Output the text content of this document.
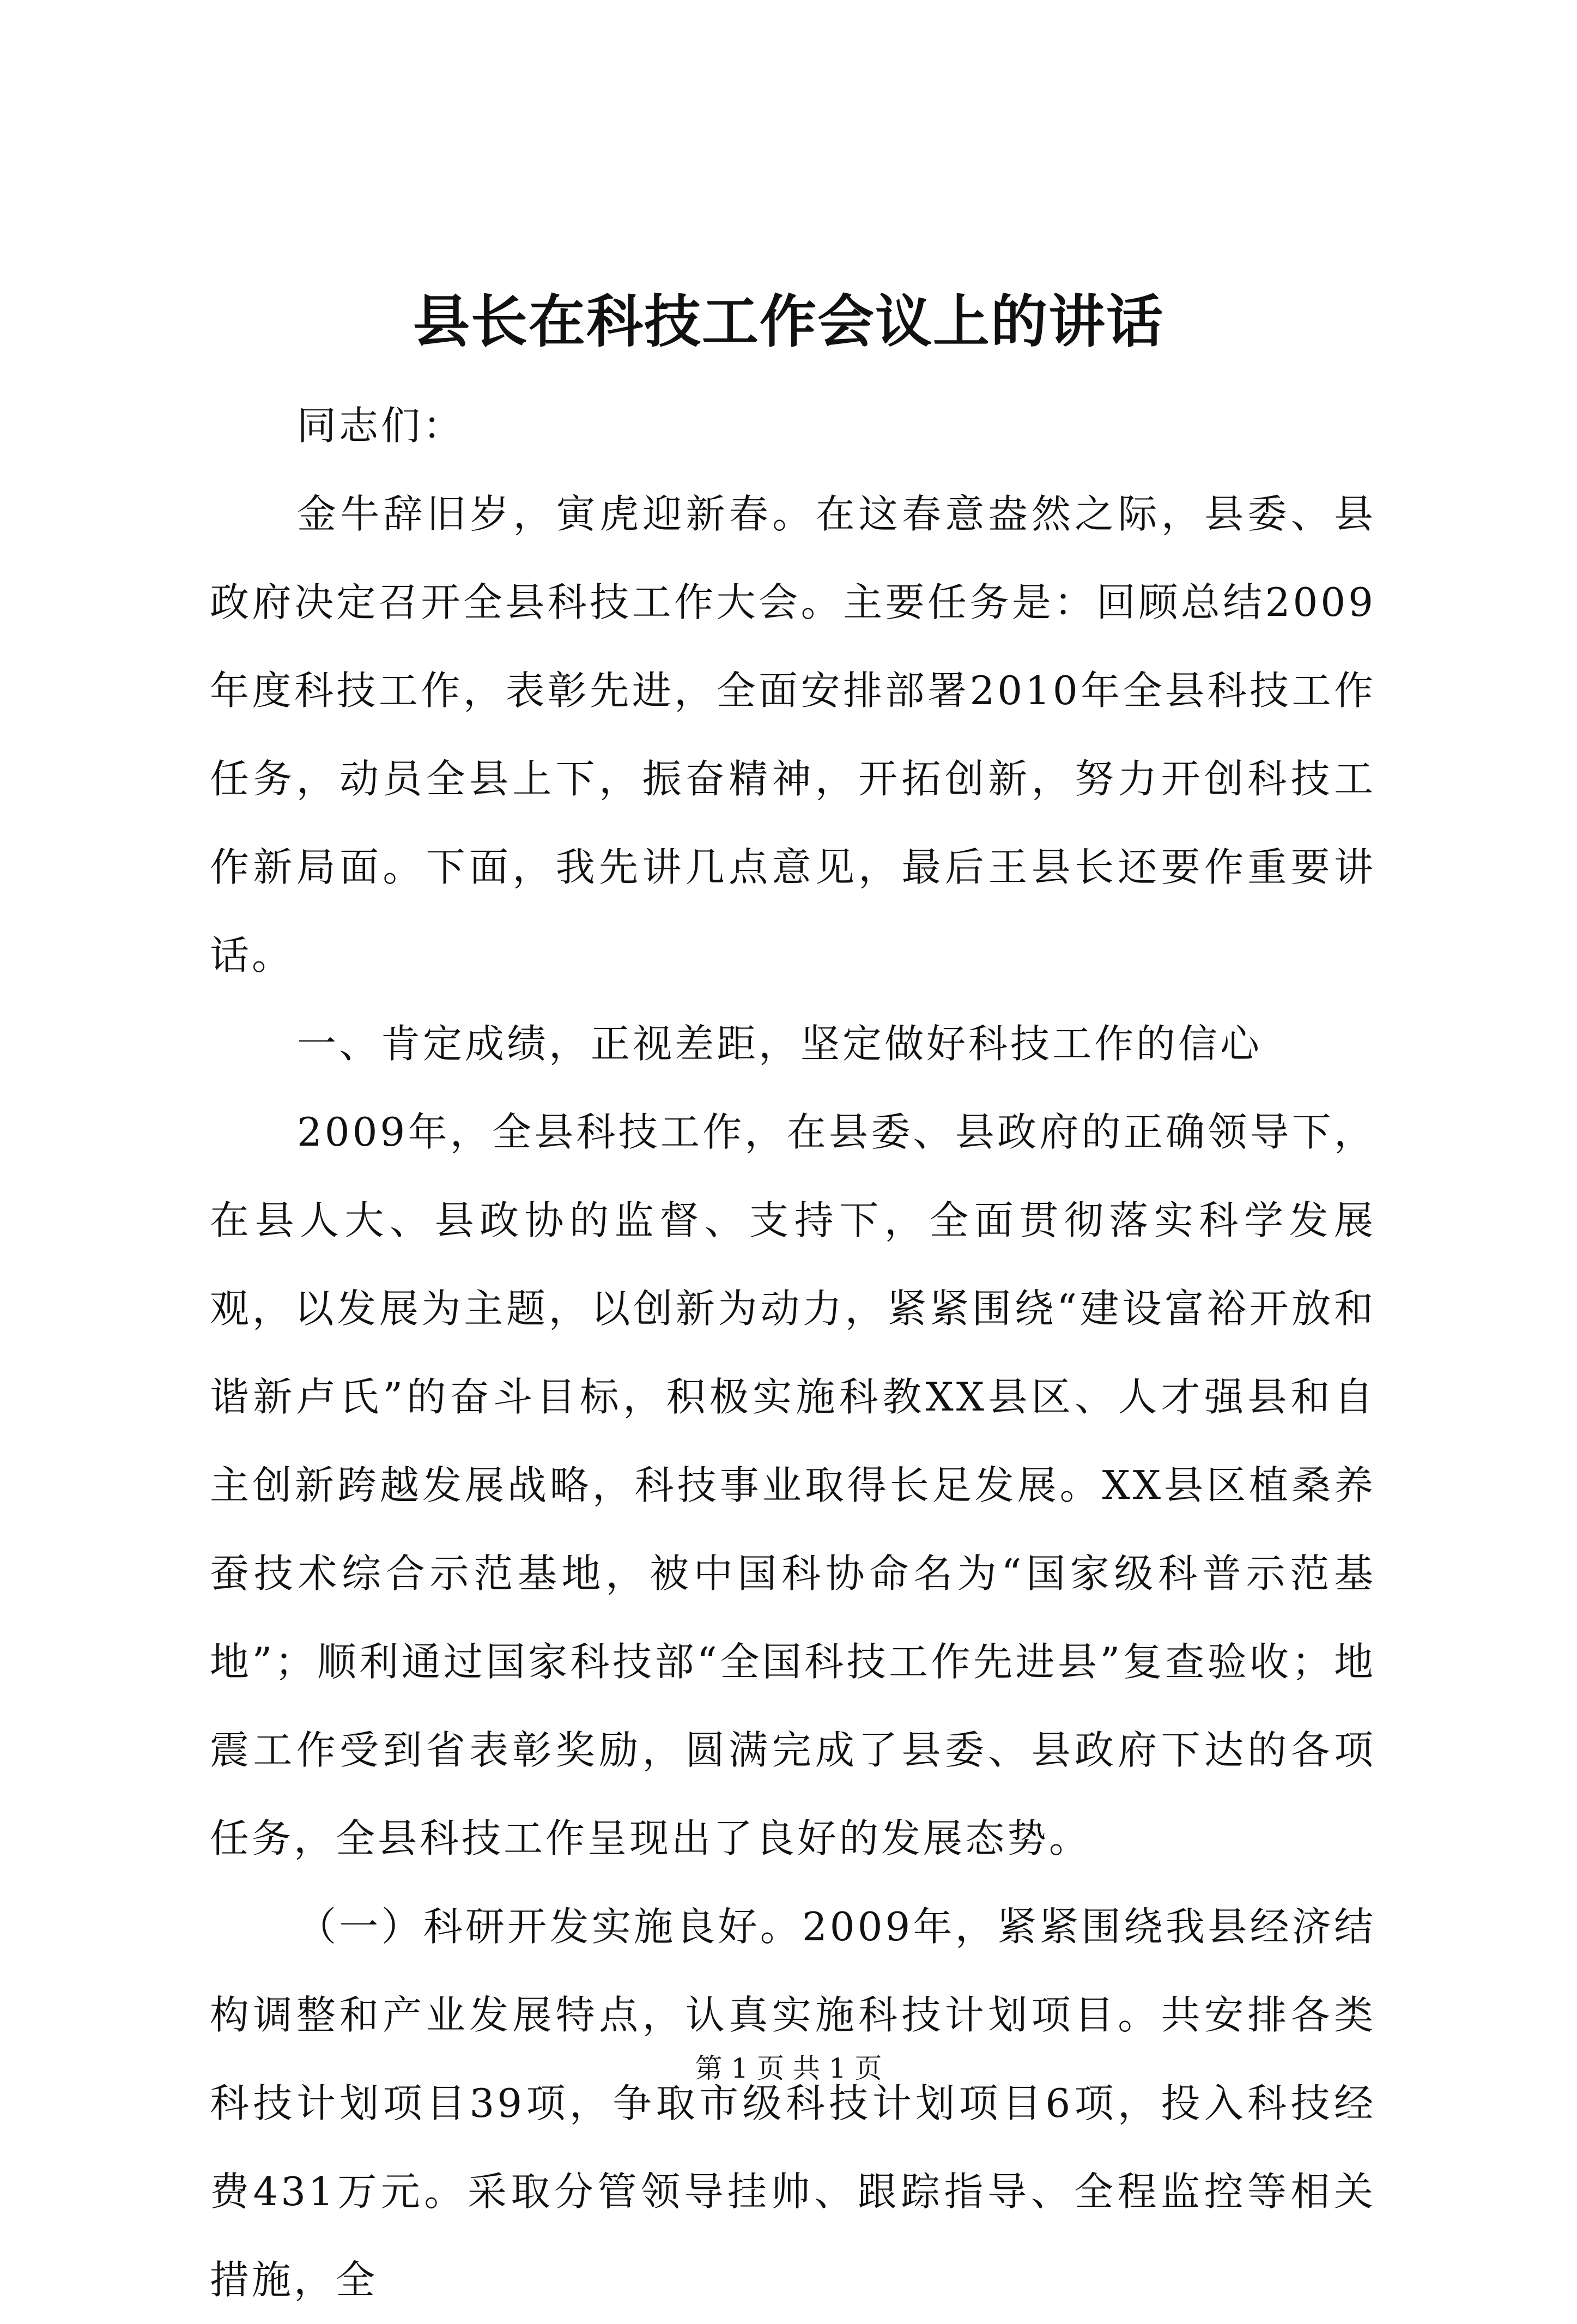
县长在科技工作会议上的讲话

同志们：

金牛辞旧岁，寅虎迎新春。在这春意盎然之际，县委、县政府决定召开全县科技工作大会。主要任务是：回顾总结2009年度科技工作，表彰先进，全面安排部署2010年全县科技工作任务，动员全县上下，振奋精神，开拓创新，努力开创科技工作新局面。下面，我先讲几点意见，最后王县长还要作重要讲话。

一、肯定成绩，正视差距，坚定做好科技工作的信心

2009年，全县科技工作，在县委、县政府的正确领导下，在县人大、县政协的监督、支持下，全面贯彻落实科学发展观，以发展为主题，以创新为动力，紧紧围绕“建设富裕开放和谐新卢氏”的奋斗目标，积极实施科教XX县区、人才强县和自主创新跨越发展战略，科技事业取得长足发展。XX县区植桑养蚕技术综合示范基地，被中国科协命名为“国家级科普示范基地”；顺利通过国家科技部“全国科技工作先进县”复查验收；地震工作受到省表彰奖励，圆满完成了县委、县政府下达的各项任务，全县科技工作呈现出了良好的发展态势。

（一）科研开发实施良好。2009年，紧紧围绕我县经济结构调整和产业发展特点，认真实施科技计划项目。共安排各类科技计划项目39项，争取市级科技计划项目6项，投入科技经费431万元。采取分管领导挂帅、跟踪指导、全程监控等相关措施，全

第 1 页 共 1 页
